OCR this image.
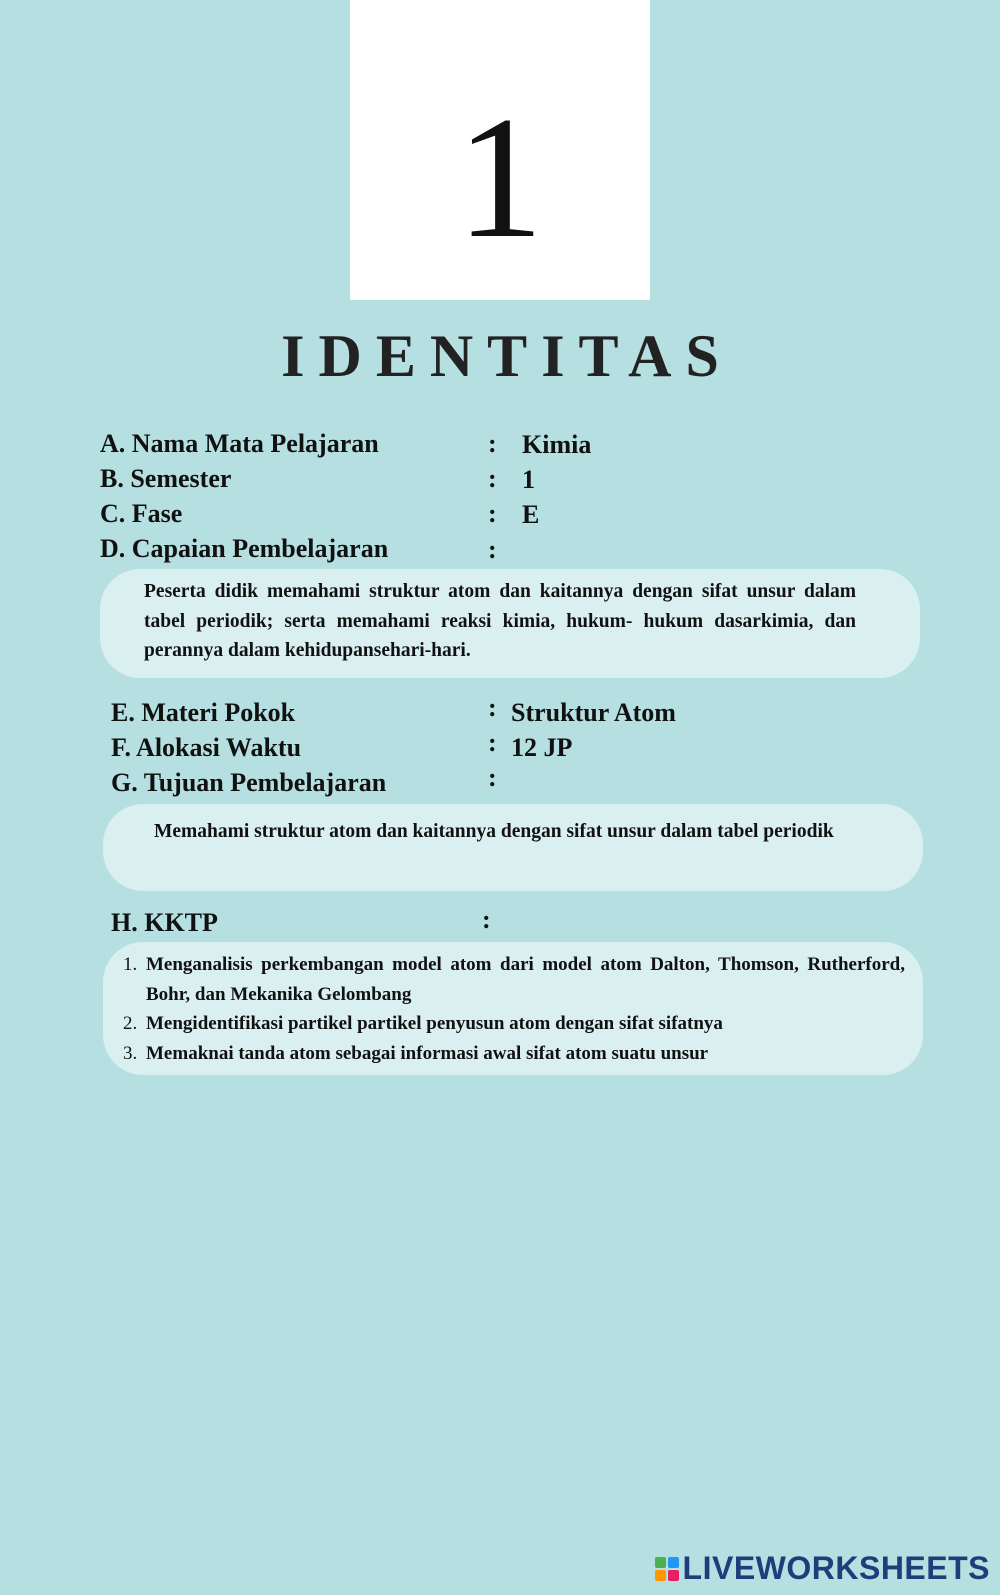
1
IDENTITAS
A. Nama Mata Pelajaran	: Kimia
B. Semester	: 1
C. Fase	: E
D. Capaian Pembelajaran	:

Peserta didik memahami struktur atom dan kaitannya dengan sifat unsur dalam tabel periodik; serta memahami reaksi kimia, hukum- hukum dasarkimia, dan perannya dalam kehidupansehari-hari.

E. Materi Pokok	: Struktur Atom
F. Alokasi Waktu	: 12 JP
G. Tujuan Pembelajaran	:

Memahami struktur atom dan kaitannya dengan sifat unsur dalam tabel periodik

H. KKTP	:
1. Menganalisis perkembangan model atom dari model atom Dalton, Thomson, Rutherford, Bohr, dan Mekanika Gelombang
2. Mengidentifikasi partikel partikel penyusun atom dengan sifat sifatnya
3. Memaknai tanda atom sebagai informasi awal sifat atom suatu unsur
LIVEWORKSHEETS
